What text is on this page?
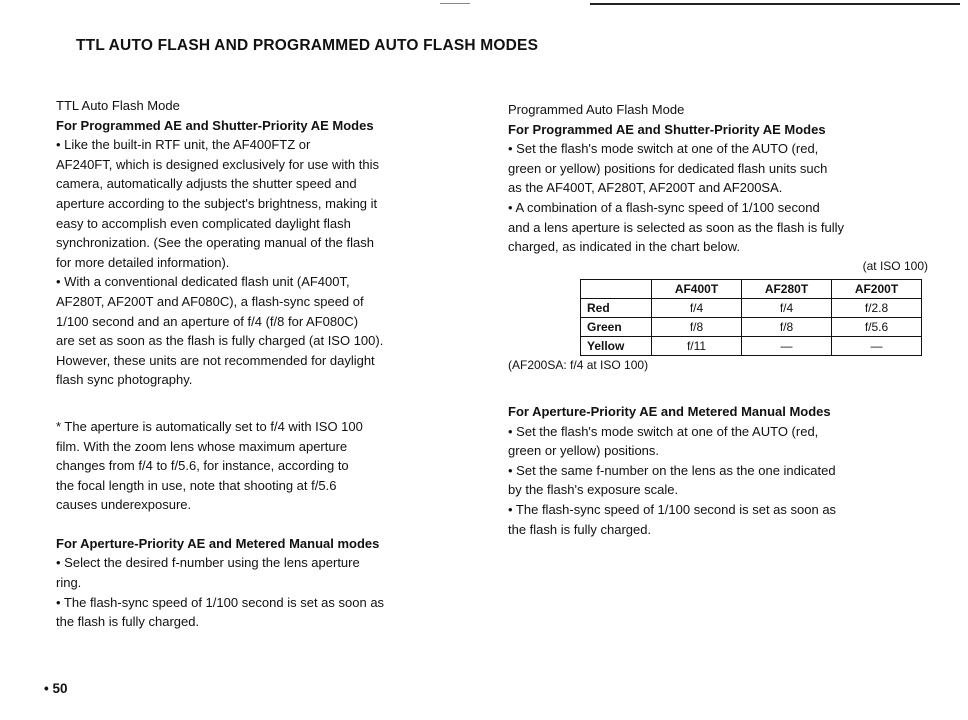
TTL AUTO FLASH AND PROGRAMMED AUTO FLASH MODES

TTL Auto Flash Mode

For Programmed AE and Shutter-Priority AE Modes

• Like the built-in RTF unit, the AF400FTZ or

AF240FT, which is designed exclusively for use with this

camera, automatically adjusts the shutter speed and

aperture according to the subject's brightness, making it

easy to accomplish even complicated daylight flash

synchronization. (See the operating manual of the flash

for more detailed information).

• With a conventional dedicated flash unit (AF400T,

AF280T, AF200T and AF080C), a flash-sync speed of

1/100 second and an aperture of f/4 (f/8 for AF080C)

are set as soon as the flash is fully charged (at ISO 100).

However, these units are not recommended for daylight

flash sync photography.

* The aperture is automatically set to f/4 with ISO 100

film. With the zoom lens whose maximum aperture

changes from f/4 to f/5.6, for instance, according to

the focal length in use, note that shooting at f/5.6

causes underexposure.

For Aperture-Priority AE and Metered Manual modes

• Select the desired f-number using the lens aperture

ring.

• The flash-sync speed of 1/100 second is set as soon as

the flash is fully charged.

Programmed Auto Flash Mode

For Programmed AE and Shutter-Priority AE Modes

• Set the flash's mode switch at one of the AUTO (red,

green or yellow) positions for dedicated flash units such

as the AF400T, AF280T, AF200T and AF200SA.

• A combination of a flash-sync speed of 1/100 second

and a lens aperture is selected as soon as the flash is fully

charged, as indicated in the chart below.

(at ISO 100)

	AF400T	AF280T	AF200T
Red	f/4	f/4	f/2.8
Green	f/8	f/8	f/5.6
Yellow	f/11	—	—

(AF200SA: f/4 at ISO 100)

For Aperture-Priority AE and Metered Manual Modes

• Set the flash's mode switch at one of the AUTO (red,

green or yellow) positions.

• Set the same f-number on the lens as the one indicated

by the flash's exposure scale.

• The flash-sync speed of 1/100 second is set as soon as

the flash is fully charged.

• 50
